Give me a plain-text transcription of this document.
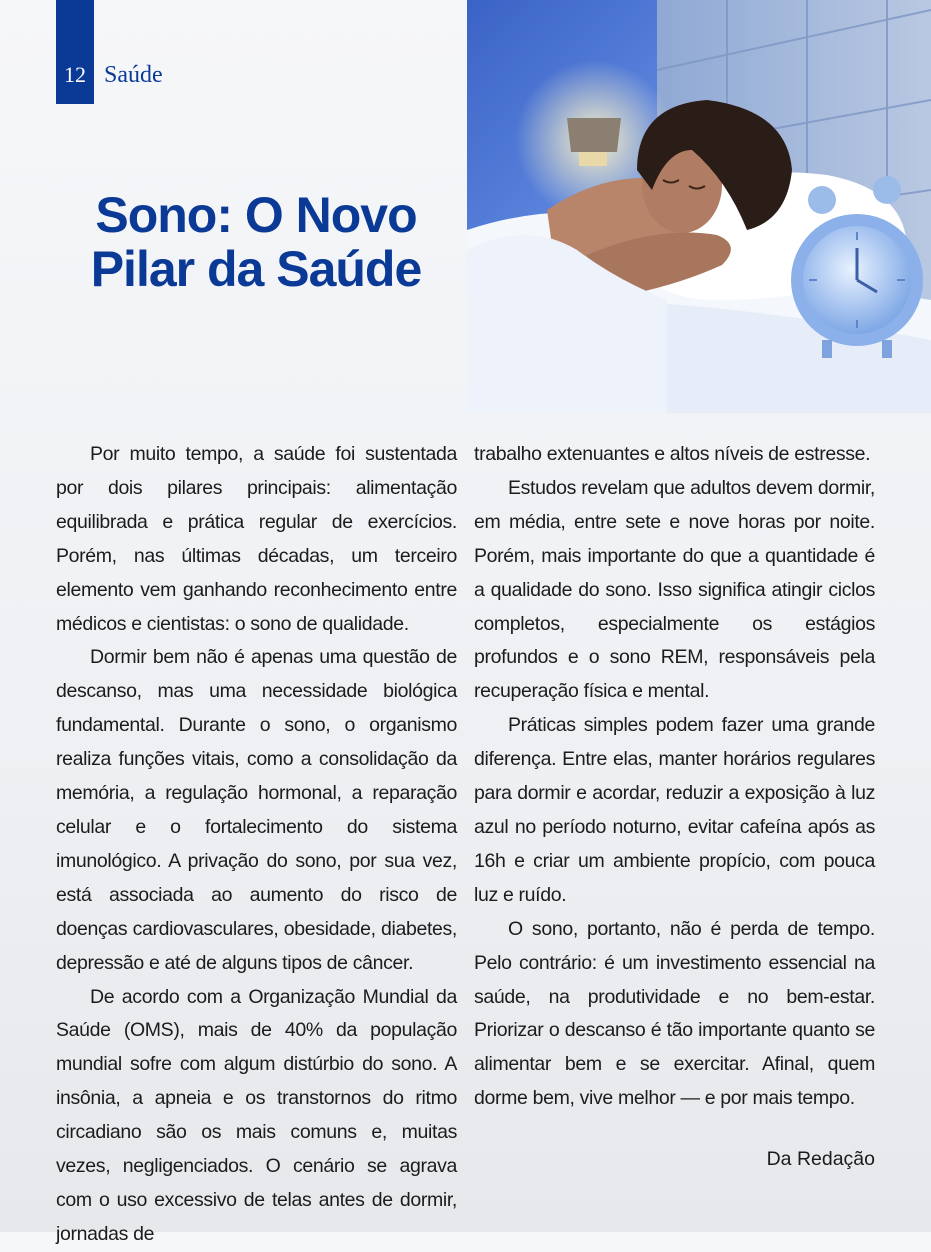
12 Saúde
Sono: O Novo
Pilar da Saúde

Por muito tempo, a saúde foi sustentada por dois pilares principais: alimentação equilibrada e prática regular de exercícios. Porém, nas últimas décadas, um terceiro elemento vem ganhando reconhecimento entre médicos e cientistas: o sono de qualidade.

Dormir bem não é apenas uma questão de descanso, mas uma necessidade biológica fundamental. Durante o sono, o organismo realiza funções vitais, como a consolidação da memória, a regulação hormonal, a reparação celular e o fortalecimento do sistema imunológico. A privação do sono, por sua vez, está associada ao aumento do risco de doenças cardiovasculares, obesidade, diabetes, depressão e até de alguns tipos de câncer.

De acordo com a Organização Mundial da Saúde (OMS), mais de 40% da população mundial sofre com algum distúrbio do sono. A insônia, a apneia e os transtornos do ritmo circadiano são os mais comuns e, muitas vezes, negligenciados. O cenário se agrava com o uso excessivo de telas antes de dormir, jornadas de

trabalho extenuantes e altos níveis de estresse.

Estudos revelam que adultos devem dormir, em média, entre sete e nove horas por noite. Porém, mais importante do que a quantidade é a qualidade do sono. Isso significa atingir ciclos completos, especialmente os estágios profundos e o sono REM, responsáveis pela recuperação física e mental.

Práticas simples podem fazer uma grande diferença. Entre elas, manter horários regulares para dormir e acordar, reduzir a exposição à luz azul no período noturno, evitar cafeína após as 16h e criar um ambiente propício, com pouca luz e ruído.

O sono, portanto, não é perda de tempo. Pelo contrário: é um investimento essencial na saúde, na produtividade e no bem-estar. Priorizar o descanso é tão importante quanto se alimentar bem e se exercitar. Afinal, quem dorme bem, vive melhor — e por mais tempo.

Da Redação
